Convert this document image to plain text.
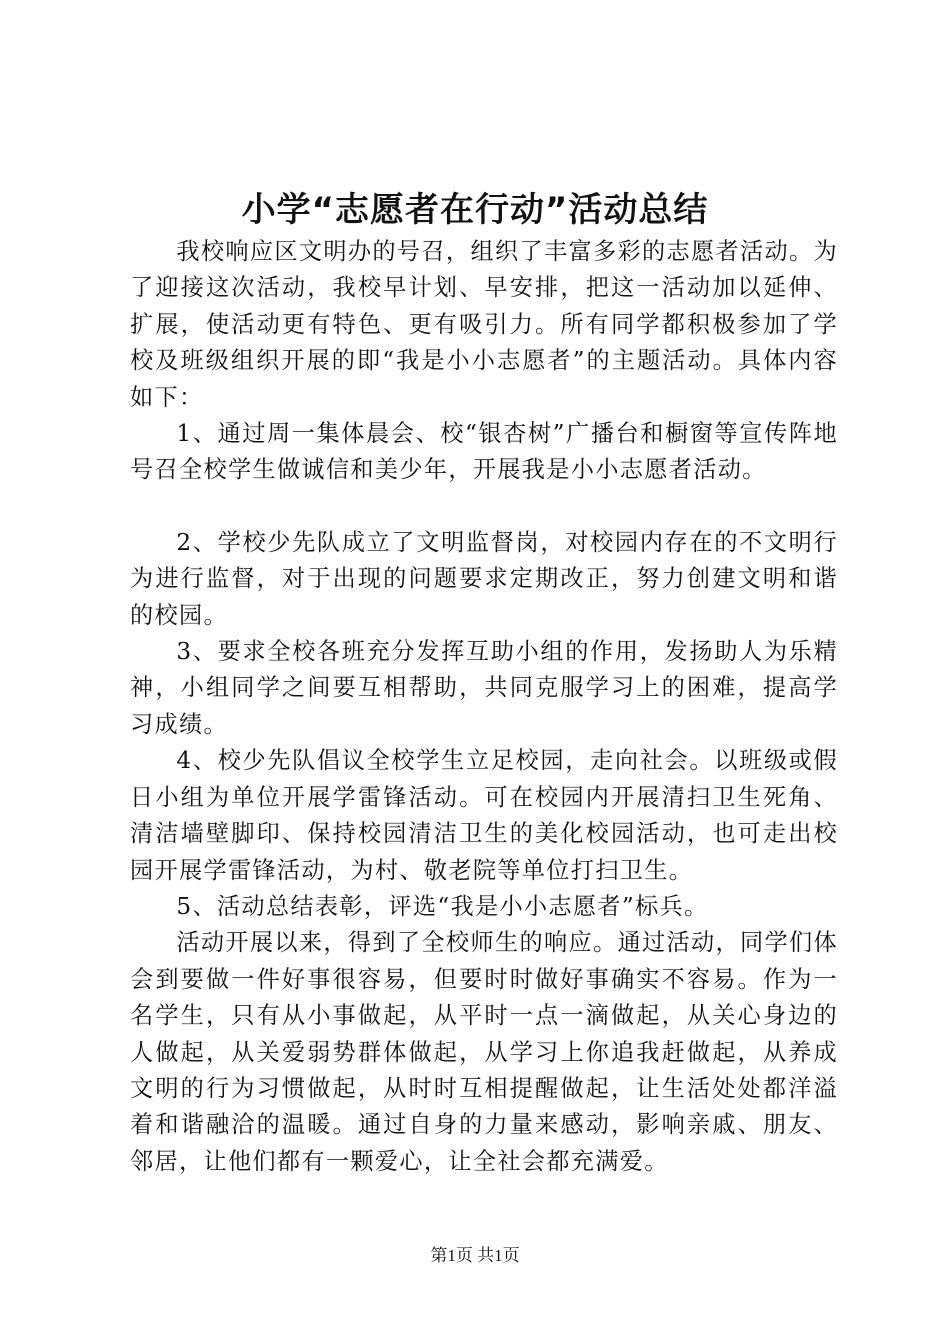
小学“志愿者在行动”活动总结

我校响应区文明办的号召，组织了丰富多彩的志愿者活动。为了迎接这次活动，我校早计划、早安排，把这一活动加以延伸、扩展，使活动更有特色、更有吸引力。所有同学都积极参加了学校及班级组织开展的即“我是小小志愿者”的主题活动。具体内容如下：

1、通过周一集体晨会、校“银杏树”广播台和橱窗等宣传阵地号召全校学生做诚信和美少年，开展我是小小志愿者活动。

2、学校少先队成立了文明监督岗，对校园内存在的不文明行为进行监督，对于出现的问题要求定期改正，努力创建文明和谐的校园。

3、要求全校各班充分发挥互助小组的作用，发扬助人为乐精神，小组同学之间要互相帮助，共同克服学习上的困难，提高学习成绩。

4、校少先队倡议全校学生立足校园，走向社会。以班级或假日小组为单位开展学雷锋活动。可在校园内开展清扫卫生死角、清洁墙壁脚印、保持校园清洁卫生的美化校园活动，也可走出校园开展学雷锋活动，为村、敬老院等单位打扫卫生。

5、活动总结表彰，评选“我是小小志愿者”标兵。

活动开展以来，得到了全校师生的响应。通过活动，同学们体会到要做一件好事很容易，但要时时做好事确实不容易。作为一名学生，只有从小事做起，从平时一点一滴做起，从关心身边的人做起，从关爱弱势群体做起，从学习上你追我赶做起，从养成文明的行为习惯做起，从时时互相提醒做起，让生活处处都洋溢着和谐融洽的温暖。通过自身的力量来感动，影响亲戚、朋友、邻居，让他们都有一颗爱心，让全社会都充满爱。

第1页 共1页
